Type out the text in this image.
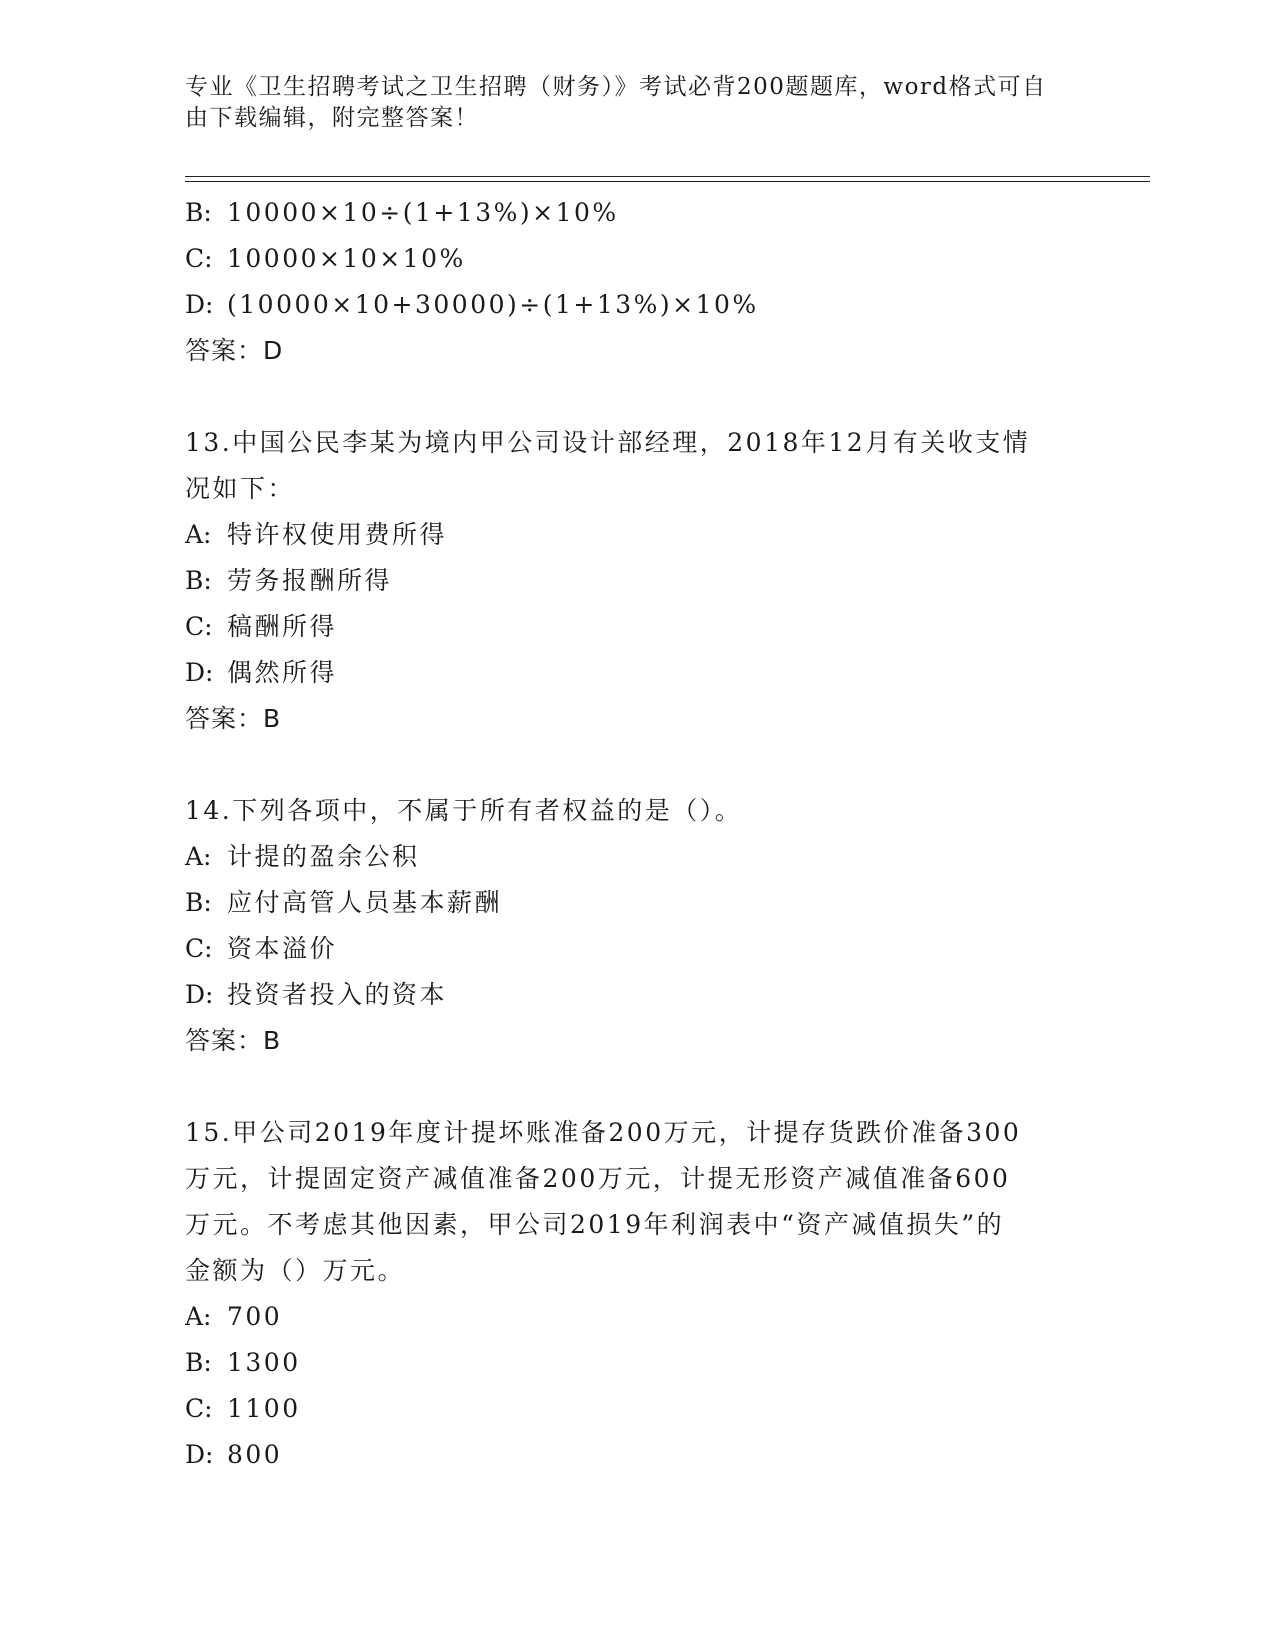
专业《卫生招聘考试之卫生招聘（财务）》考试必背200题题库，word格式可自
由下载编辑，附完整答案！
B: 10000×10÷(1+13%)×10%
C: 10000×10×10%
D: (10000×10+30000)÷(1+13%)×10%
答案：D
13.中国公民李某为境内甲公司设计部经理，2018年12月有关收支情
况如下：
A: 特许权使用费所得
B: 劳务报酬所得
C: 稿酬所得
D: 偶然所得
答案：B
14.下列各项中，不属于所有者权益的是（）。
A: 计提的盈余公积
B: 应付高管人员基本薪酬
C: 资本溢价
D: 投资者投入的资本
答案：B
15.甲公司2019年度计提坏账准备200万元，计提存货跌价准备300
万元，计提固定资产减值准备200万元，计提无形资产减值准备600
万元。不考虑其他因素，甲公司2019年利润表中“资产减值损失”的
金额为（）万元。
A: 700
B: 1300
C: 1100
D: 800
